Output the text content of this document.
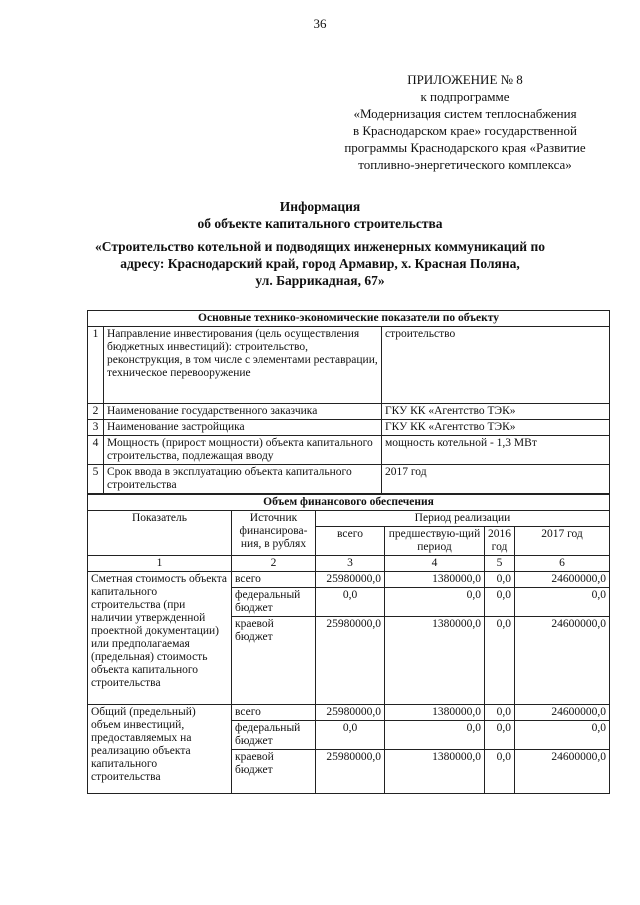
36
ПРИЛОЖЕНИЕ № 8
к подпрограмме
«Модернизация систем теплоснабжения
в Краснодарском крае» государственной
программы Краснодарского края «Развитие
топливно-энергетического комплекса»
Информация
об объекте капитального строительства
«Строительство котельной и подводящих инженерных коммуникаций по
адресу: Краснодарский край, город Армавир, х. Красная Поляна,
ул. Баррикадная, 67»
Основные технико-экономические показатели по объекту		
1	Направление инвестирования (цель осуществления бюджетных инвестиций): строительство, реконструкция, в том числе с элементами реставрации, техническое перевооружение	строительство
2	Наименование государственного заказчика	ГКУ КК «Агентство ТЭК»
3	Наименование застройщика	ГКУ КК «Агентство ТЭК»
4	Мощность (прирост мощности) объекта капитального строительства, подлежащая вводу	мощность котельной - 1,3 МВт
5	Срок ввода в эксплуатацию объекта капитального строительства	2017 год
Объем финансового обеспечения					
Показатель	Источник финансирова-ния, в рублях	Период реализации			
		всего	предшествую-щий период	2016 год	2017 год
1	2	3	4	5	6
Сметная стоимость объекта капитального строительства (при наличии утвержденной проектной документации) или предполагаемая (предельная) стоимость объекта капитального строительства	всего	25980000,0	1380000,0	0,0	24600000,0
	федеральный бюджет	0,0	0,0	0,0	0,0
	краевой бюджет	25980000,0	1380000,0	0,0	24600000,0
Общий (предельный) объем инвестиций, предоставляемых на реализацию объекта капитального строительства	всего	25980000,0	1380000,0	0,0	24600000,0
	федеральный бюджет	0,0	0,0	0,0	0,0
	краевой бюджет	25980000,0	1380000,0	0,0	24600000,0
